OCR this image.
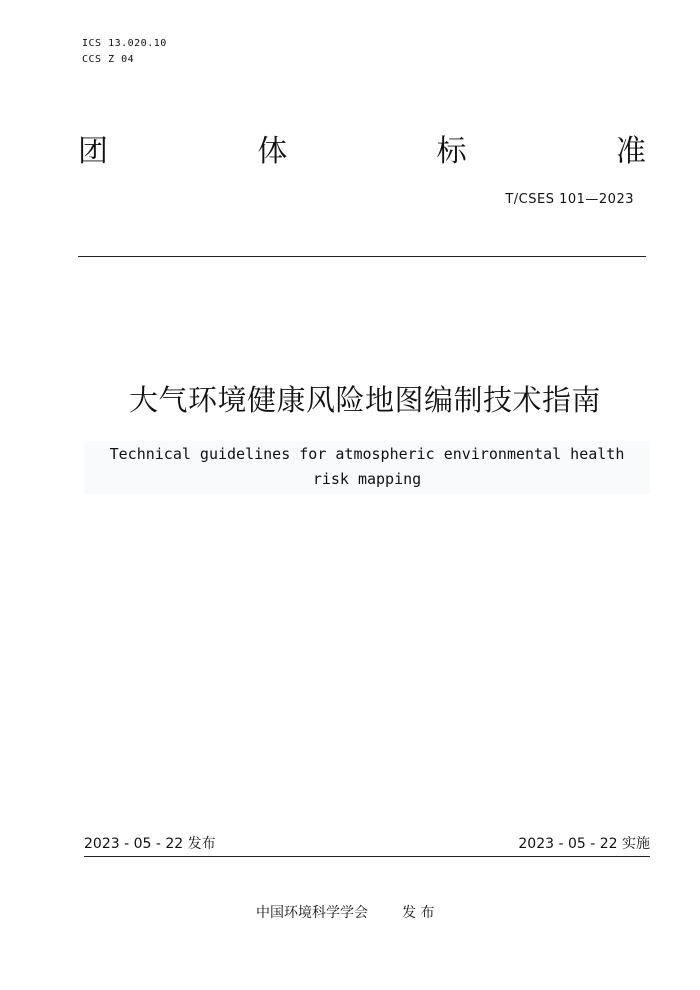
ICS 13.020.10
CCS Z 04
团	体	标	准
T/CSES 101—2023
大气环境健康风险地图编制技术指南
Technical guidelines for atmospheric environmental health
risk mapping
2023 - 05 - 22 发布	2023 - 05 - 22 实施
中国环境科学学会 发 布
